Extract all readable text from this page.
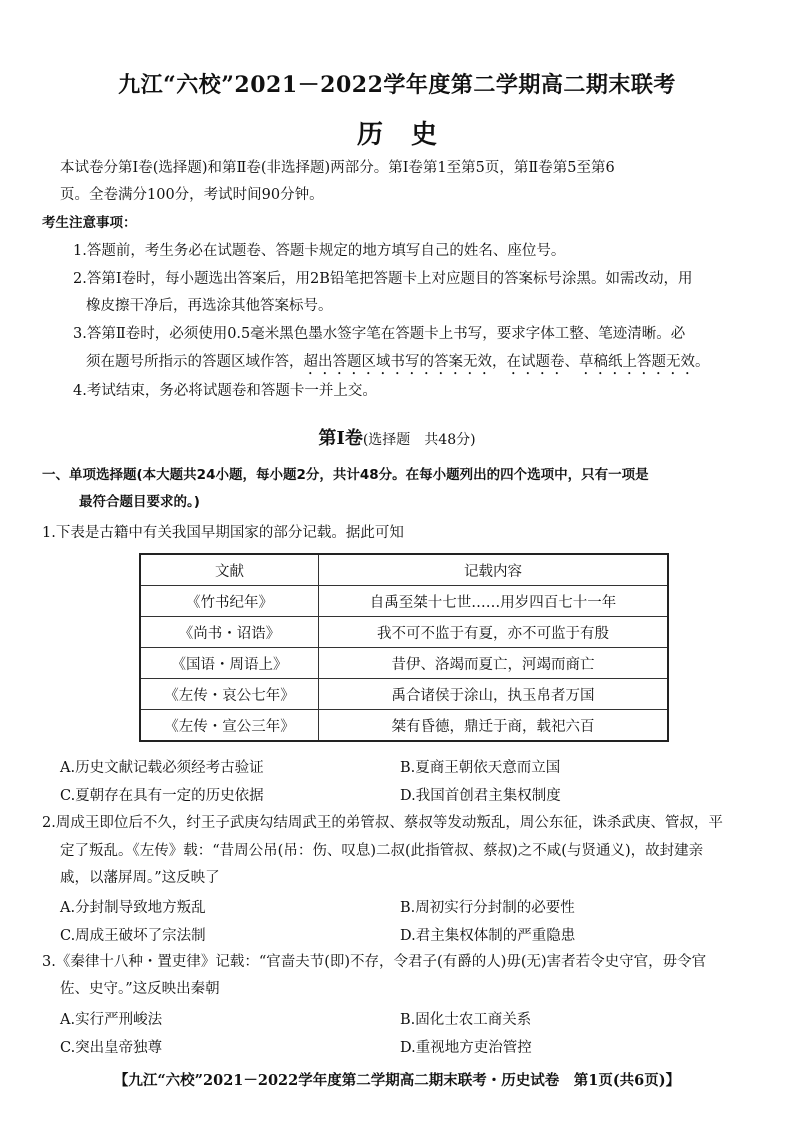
九江“六校”2021－2022学年度第二学期高二期末联考
历史
本试卷分第Ⅰ卷(选择题)和第Ⅱ卷(非选择题)两部分。第Ⅰ卷第1至第5页，第Ⅱ卷第5至第6
页。全卷满分100分，考试时间90分钟。
考生注意事项：
1.答题前，考生务必在试题卷、答题卡规定的地方填写自己的姓名、座位号。
2.答第Ⅰ卷时，每小题选出答案后，用2B铅笔把答题卡上对应题目的答案标号涂黑。如需改动，用
橡皮擦干净后，再选涂其他答案标号。
3.答第Ⅱ卷时，必须使用0.5毫米黑色墨水签字笔在答题卡上书写，要求字体工整、笔迹清晰。必
须在题号所指示的答题区域作答，超出答题区域书写的答案无效，在试题卷、草稿纸上答题无效。
4.考试结束，务必将试题卷和答题卡一并上交。
第Ⅰ卷(选择题　共48分)
一、单项选择题(本大题共24小题，每小题2分，共计48分。在每小题列出的四个选项中，只有一项是
最符合题目要求的。)
1.下表是古籍中有关我国早期国家的部分记载。据此可知
文献	记载内容
《竹书纪年》	自禹至桀十七世……用岁四百七十一年
《尚书・诏诰》	我不可不监于有夏，亦不可监于有殷
《国语・周语上》	昔伊、洛竭而夏亡，河竭而商亡
《左传・哀公七年》	禹合诸侯于涂山，执玉帛者万国
《左传・宣公三年》	桀有昏德，鼎迁于商，载祀六百
A.历史文献记载必须经考古验证	B.夏商王朝依天意而立国
C.夏朝存在具有一定的历史依据	D.我国首创君主集权制度
2.周成王即位后不久，纣王子武庚勾结周武王的弟管叔、蔡叔等发动叛乱，周公东征，诛杀武庚、管叔，平
定了叛乱。《左传》载：“昔周公吊(吊：伤、叹息)二叔(此指管叔、蔡叔)之不咸(与贤通义)，故封建亲
戚，以藩屏周。”这反映了
A.分封制导致地方叛乱	B.周初实行分封制的必要性
C.周成王破坏了宗法制	D.君主集权体制的严重隐患
3.《秦律十八种・置吏律》记载：“官啬夫节(即)不存，令君子(有爵的人)毋(无)害者若令史守官，毋令官
佐、史守。”这反映出秦朝
A.实行严刑峻法	B.固化士农工商关系
C.突出皇帝独尊	D.重视地方吏治管控
【九江“六校”2021－2022学年度第二学期高二期末联考・历史试卷　第1页(共6页)】
